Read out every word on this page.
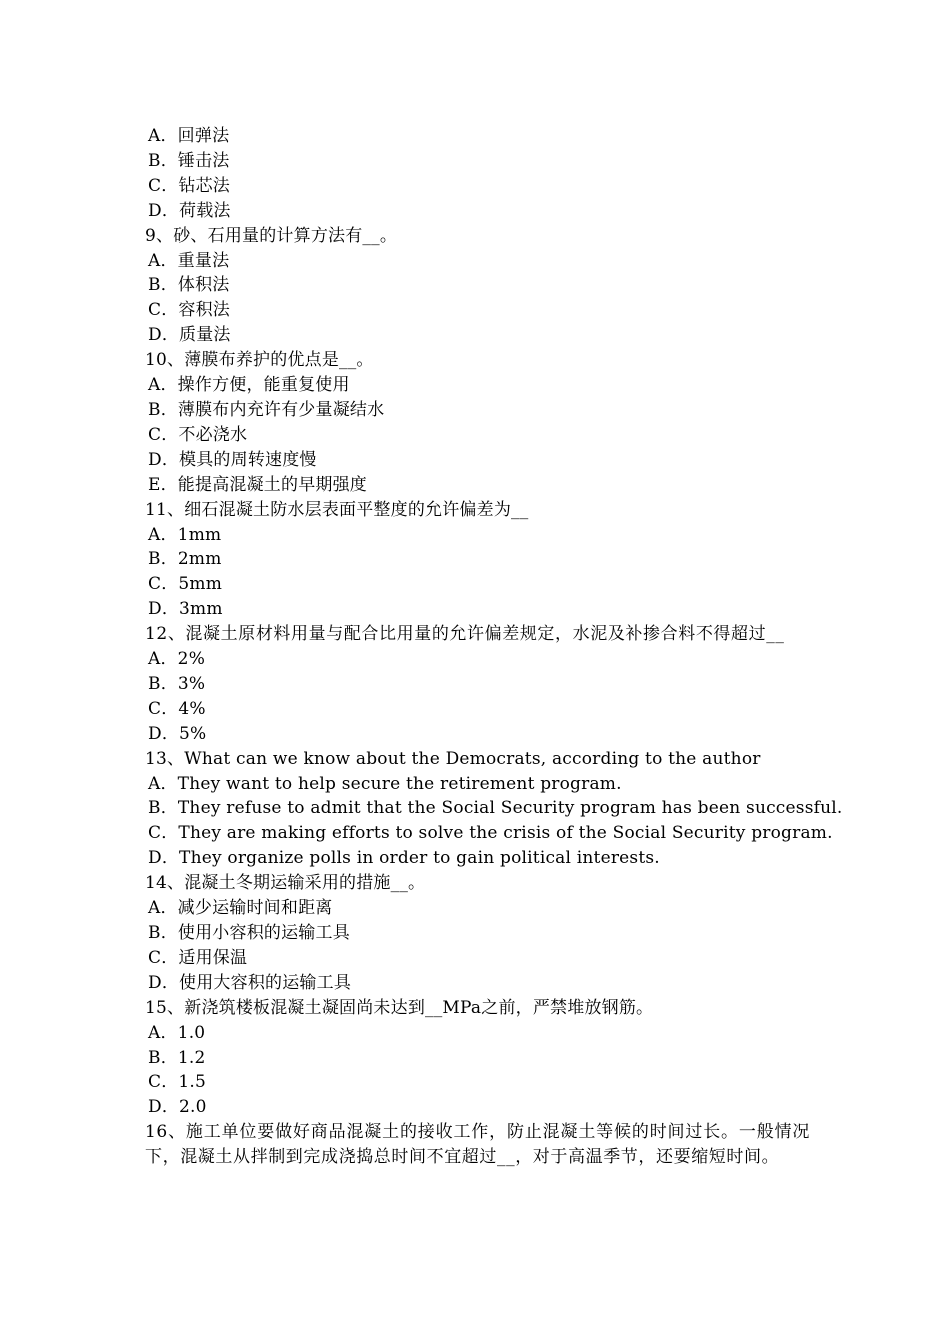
A．回弹法
B．锤击法
C．钻芯法
D．荷载法
9、砂、石用量的计算方法有__。
A．重量法
B．体积法
C．容积法
D．质量法
10、薄膜布养护的优点是__。
A．操作方便，能重复使用
B．薄膜布内充许有少量凝结水
C．不必浇水
D．模具的周转速度慢
E．能提高混凝土的早期强度
11、细石混凝土防水层表面平整度的允许偏差为__
A．1mm
B．2mm
C．5mm
D．3mm
12、混凝土原材料用量与配合比用量的允许偏差规定，水泥及补掺合料不得超过__
A．2%
B．3%
C．4%
D．5%
13、What can we know about the Democrats, according to the author
A．They want to help secure the retirement program.
B．They refuse to admit that the Social Security program has been successful.
C．They are making efforts to solve the crisis of the Social Security program.
D．They organize polls in order to gain political interests.
14、混凝土冬期运输采用的措施__。
A．减少运输时间和距离
B．使用小容积的运输工具
C．适用保温
D．使用大容积的运输工具
15、新浇筑楼板混凝土凝固尚未达到__MPa之前，严禁堆放钢筋。
A．1.0
B．1.2
C．1.5
D．2.0
16、施工单位要做好商品混凝土的接收工作，防止混凝土等候的时间过长。一般情况下，混凝土从拌制到完成浇捣总时间不宜超过__，对于高温季节，还要缩短时间。
